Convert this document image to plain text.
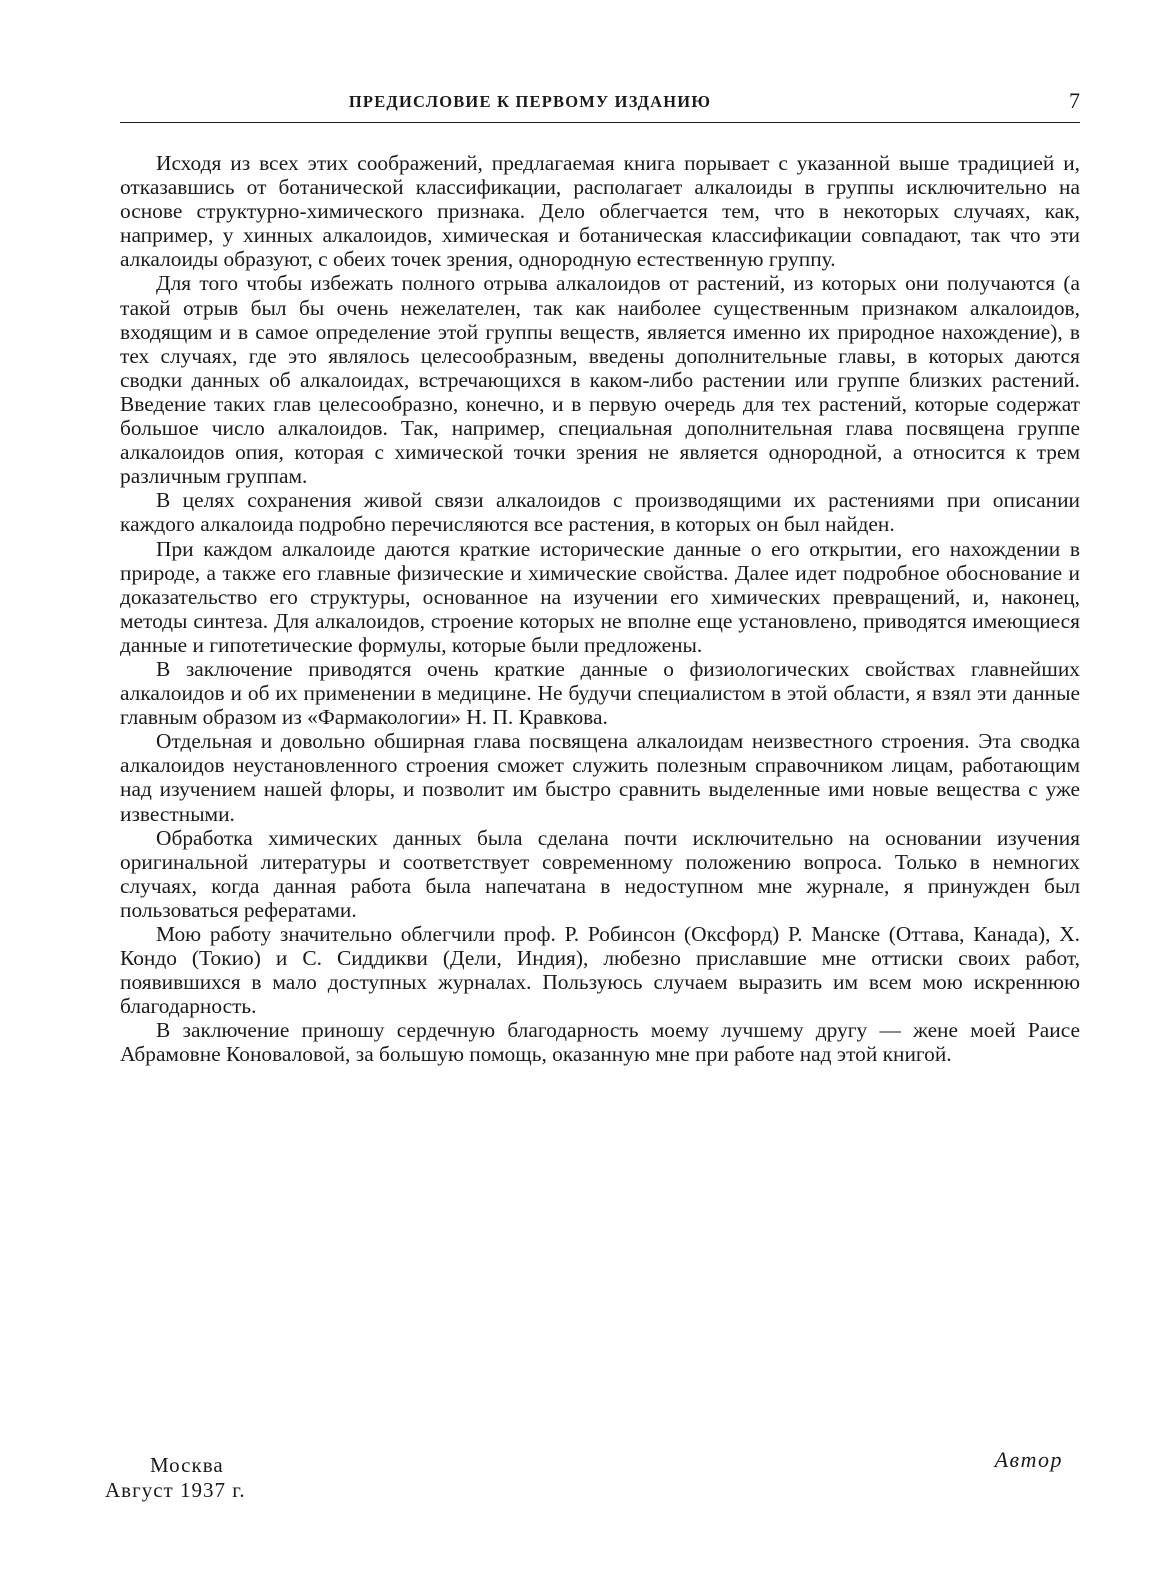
ПРЕДИСЛОВИЕ К ПЕРВОМУ ИЗДАНИЮ	7

Исходя из всех этих соображений, предлагаемая книга порывает с указанной выше традицией и, отказавшись от ботанической классификации, располагает алкалоиды в группы исключительно на основе структурно-химического признака. Дело облегчается тем, что в некоторых случаях, как, например, у хинных алкалоидов, химическая и ботаническая классификации совпадают, так что эти алкалоиды образуют, с обеих точек зрения, однородную естественную группу.

Для того чтобы избежать полного отрыва алкалоидов от растений, из которых они получаются (а такой отрыв был бы очень нежелателен, так как наиболее существенным признаком алкалоидов, входящим и в самое определение этой группы веществ, является именно их природное нахождение), в тех случаях, где это являлось целесообразным, введены дополнительные главы, в которых даются сводки данных об алкалоидах, встречающихся в каком-либо растении или группе близких растений. Введение таких глав целесообразно, конечно, и в первую очередь для тех растений, которые содержат большое число алкалоидов. Так, например, специальная дополнительная глава посвящена группе алкалоидов опия, которая с химической точки зрения не является однородной, а относится к трем различным группам.

В целях сохранения живой связи алкалоидов с производящими их растениями при описании каждого алкалоида подробно перечисляются все растения, в которых он был найден.

При каждом алкалоиде даются краткие исторические данные о его открытии, его нахождении в природе, а также его главные физические и химические свойства. Далее идет подробное обоснование и доказательство его структуры, основанное на изучении его химических превращений, и, наконец, методы синтеза. Для алкалоидов, строение которых не вполне еще установлено, приводятся имеющиеся данные и гипотетические формулы, которые были предложены.

В заключение приводятся очень краткие данные о физиологических свойствах главнейших алкалоидов и об их применении в медицине. Не будучи специалистом в этой области, я взял эти данные главным образом из «Фармакологии» Н. П. Кравкова.

Отдельная и довольно обширная глава посвящена алкалоидам неизвестного строения. Эта сводка алкалоидов неустановленного строения сможет служить полезным справочником лицам, работающим над изучением нашей флоры, и позволит им быстро сравнить выделенные ими новые вещества с уже известными.

Обработка химических данных была сделана почти исключительно на основании изучения оригинальной литературы и соответствует современному положению вопроса. Только в немногих случаях, когда данная работа была напечатана в недоступном мне журнале, я принужден был пользоваться рефератами.

Мою работу значительно облегчили проф. Р. Робинсон (Оксфорд) Р. Манске (Оттава, Канада), X. Кондо (Токио) и С. Сиддикви (Дели, Индия), любезно приславшие мне оттиски своих работ, появившихся в мало доступных журналах. Пользуюсь случаем выразить им всем мою искреннюю благодарность.

В заключение приношу сердечную благодарность моему лучшему другу — жене моей Раисе Абрамовне Коноваловой, за большую помощь, оказанную мне при работе над этой книгой.

Москва
Август 1937 г.
Автор
